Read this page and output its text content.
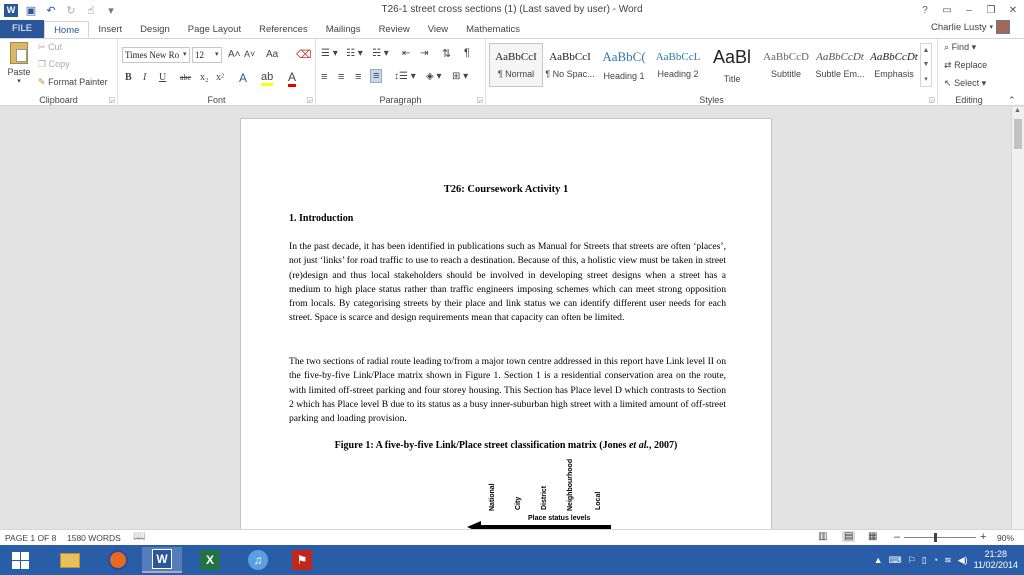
W ▣ ↶ ↻	☝	▾	T26-1 street cross sections (1) (Last saved by user) - Word	?	▭	–	❐	✕
FILE	Home	Insert	Design	Page Layout	References	Mailings	Review	View	Mathematics	Charlie Lusty ▾
Paste
▾
✂ Cut
❐ Copy
✎ Format Painter
Clipboard	◲
Times New Ro ▾ 12	▾ A˄ A˅ Aa ⌫
B I U abc x₂ x² A ab A
Font	◲
☰ ▾ ☷ ▾ ☵ ▾ ⇤ ⇥ ⇅ ¶
≡ ≡ ≡ ≡	↕☰ ▾ ◈ ▾ ⊞ ▾
Paragraph	◲	Styles	◲
AaBbCcI
¶ Normal
AaBbCcI
¶ No Spac...
AaBbC(
Heading 1
AaBbCcL
Heading 2
AaBl
Title
AaBbCcD
Subtitle
AaBbCcDt
Subtle Em...
AaBbCcDt
Emphasis
▲
▼
▾
⌕ Find ▾
⇄ Replace
↖ Select ▾
Editing	⌃
T26: Coursework Activity 1
1. Introduction
In the past decade, it has been identified in publications such as Manual for Streets that streets are often ‘places’, not just ‘links’ for road traffic to use to reach a destination. Because of this, a holistic view must be taken in street (re)design and thus local stakeholders should be involved in developing street designs when a street has a medium to high place status rather than traffic engineers imposing schemes which can meet strong opposition from locals. By categorising streets by their place and link status we can identify different user needs for each street. Space is scarce and design requirements mean that capacity can often be limited.
The two sections of radial route leading to/from a major town centre addressed in this report have Link level II on the five-by-five Link/Place matrix shown in Figure 1. Section 1 is a residential conservation area on the route, with limited off-street parking and four storey housing. This Section has Place level D which contrasts to Section 2 which has Place level B due to its status as a busy inner-suburban high street with a limited amount of off-street parking and loading provision.
Figure 1: A five-by-five Link/Place street classification matrix (Jones et al., 2007)
National	City	District	Neighbourhood	Local
Place status levels
▲
PAGE 1 OF 8 1580 WORDS 📖	▥ ▤ ▦ –	+ 90%
W	X	♫	⚑	▲ ⌨ ⚐ ▯ ◔ ≋ ◀)
21:28
11/02/2014
